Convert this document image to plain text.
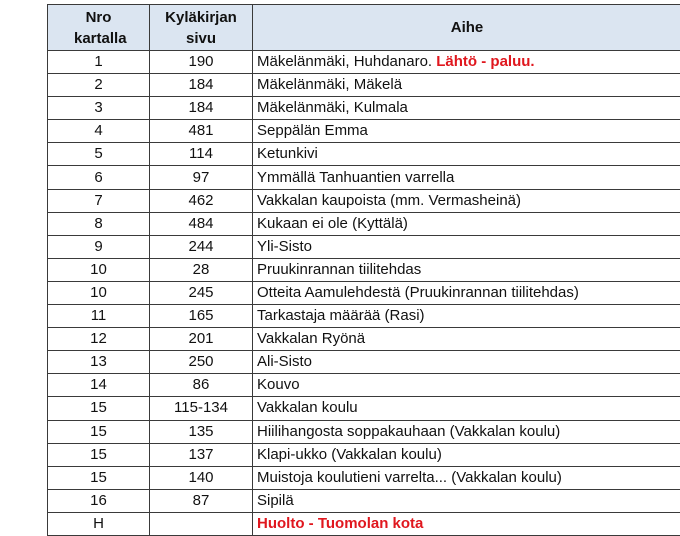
Nro kartalla	Kyläkirjan sivu	Aihe
1	190	Mäkelänmäki, Huhdanaro. Lähtö - paluu.
2	184	Mäkelänmäki, Mäkelä
3	184	Mäkelänmäki, Kulmala
4	481	Seppälän Emma
5	114	Ketunkivi
6	97	Ymmällä Tanhuantien varrella
7	462	Vakkalan kaupoista (mm. Vermasheinä)
8	484	Kukaan ei ole (Kyttälä)
9	244	Yli-Sisto
10	28	Pruukinrannan tiilitehdas
10	245	Otteita Aamulehdestä (Pruukinrannan tiilitehdas)
11	165	Tarkastaja määrää (Rasi)
12	201	Vakkalan Ryönä
13	250	Ali-Sisto
14	86	Kouvo
15	115-134	Vakkalan koulu
15	135	Hiilihangosta soppakauhaan (Vakkalan koulu)
15	137	Klapi-ukko (Vakkalan koulu)
15	140	Muistoja koulutieni varrelta... (Vakkalan koulu)
16	87	Sipilä
H		Huolto - Tuomolan kota
